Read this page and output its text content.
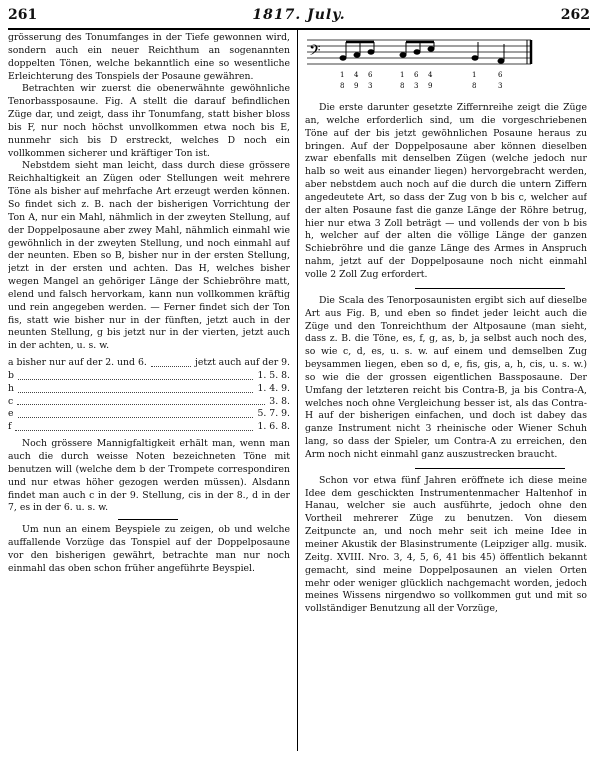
261	1817. July.	262

grösserung des Tonumfanges in der Tiefe gewonnen wird, sondern auch ein neuer Reichthum an sogenannten doppelten Tönen, welche bekanntlich eine so wesentliche Erleichterung des Tonspiels der Posaune gewähren.

Betrachten wir zuerst die obenerwähnte gewöhnliche Tenorbassposaune. Fig. A stellt die darauf befindlichen Züge dar, und zeigt, dass ihr Tonumfang, statt bisher bloss bis F, nur noch höchst unvollkommen etwa noch bis E, nunmehr sich bis D erstreckt, welches D noch ein vollkommen sicherer und kräftiger Ton ist.

Nebstdem sieht man leicht, dass durch diese grössere Reichhaltigkeit an Zügen oder Stellungen weit mehrere Töne als bisher auf mehrfache Art erzeugt werden können. So findet sich z. B. nach der bisherigen Vorrichtung der Ton A, nur ein Mahl, nähmlich in der zweyten Stellung, auf der Doppelposaune aber zwey Mahl, nähmlich einmahl wie gewöhnlich in der zweyten Stellung, und noch einmahl auf der neunten. Eben so B, bisher nur in der ersten Stellung, jetzt in der ersten und achten. Das H, welches bisher wegen Mangel an gehöriger Länge der Schiebröhre matt, elend und falsch hervorkam, kann nun vollkommen kräftig und rein angegeben werden. — Ferner findet sich der Ton fis, statt wie bisher nur in der fünften, jetzt auch in der neunten Stellung, g bis jetzt nur in der vierten, jetzt auch in der achten, u. s. w.

a bisher nur auf der 2. und 6.	jetzt auch auf der 9.
b	1. 5. 8.
h	1. 4. 9.
c	3. 8.
e	5. 7. 9.
f	1. 6. 8.

Noch grössere Mannigfaltigkeit erhält man, wenn man auch die durch weisse Noten bezeichneten Töne mit benutzen will (welche dem b der Trompete correspondiren und nur etwas höher gezogen werden müssen). Alsdann findet man auch c in der 9. Stellung, cis in der 8., d in der 7, es in der 6. u. s. w.

Um nun an einem Beyspiele zu zeigen, ob und welche auffallende Vorzüge das Tonspiel auf der Doppelposaune vor den bisherigen gewährt, betrachte man nur noch einmahl das oben schon früher angeführte Beyspiel.

𝄢
1 4 6	1 6 4	1	6
8 9 3	8 3 9	8	3

Die erste darunter gesetzte Ziffernreihe zeigt die Züge an, welche erforderlich sind, um die vorgeschriebenen Töne auf der bis jetzt gewöhnlichen Posaune heraus zu bringen. Auf der Doppelposaune aber können dieselben zwar ebenfalls mit denselben Zügen (welche jedoch nur halb so weit aus einander liegen) hervorgebracht werden, aber nebstdem auch noch auf die durch die untern Ziffern angedeutete Art, so dass der Zug von b bis c, welcher auf der alten Posaune fast die ganze Länge der Röhre betrug, hier nur etwa 3 Zoll beträgt — und vollends der von b bis h, welcher auf der alten die völlige Länge der ganzen Schiebröhre und die ganze Länge des Armes in Anspruch nahm, jetzt auf der Doppelposaune noch nicht einmahl volle 2 Zoll Zug erfordert.

Die Scala des Tenorposaunisten ergibt sich auf dieselbe Art aus Fig. B, und eben so findet jeder leicht auch die Züge und den Tonreichthum der Altposaune (man sieht, dass z. B. die Töne, es, f, g, as, b, ja selbst auch noch des, so wie c, d, es, u. s. w. auf einem und demselben Zug beysammen liegen, eben so d, e, fis, gis, a, h, cis, u. s. w.) so wie die der grossen eigentlichen Bassposaune. Der Umfang der letzteren reicht bis Contra-B, ja bis Contra-A, welches noch ohne Vergleichung besser ist, als das Contra-H auf der bisherigen einfachen, und doch ist dabey das ganze Instrument nicht 3 rheinische oder Wiener Schuh lang, so dass der Spieler, um Contra-A zu erreichen, den Arm noch nicht einmahl ganz auszustrecken braucht.

Schon vor etwa fünf Jahren eröffnete ich diese meine Idee dem geschickten Instrumentenmacher Haltenhof in Hanau, welcher sie auch ausführte, jedoch ohne den Vortheil mehrerer Züge zu benutzen. Von diesem Zeitpuncte an, und noch mehr seit ich meine Idee in meiner Akustik der Blasinstrumente (Leipziger allg. musik. Zeitg. XVIII. Nro. 3, 4, 5, 6, 41 bis 45) öffentlich bekannt gemacht, sind meine Doppelposaunen an vielen Orten mehr oder weniger glücklich nachgemacht worden, jedoch meines Wissens nirgendwo so vollkommen gut und mit so vollständiger Benutzung all der Vorzüge,
